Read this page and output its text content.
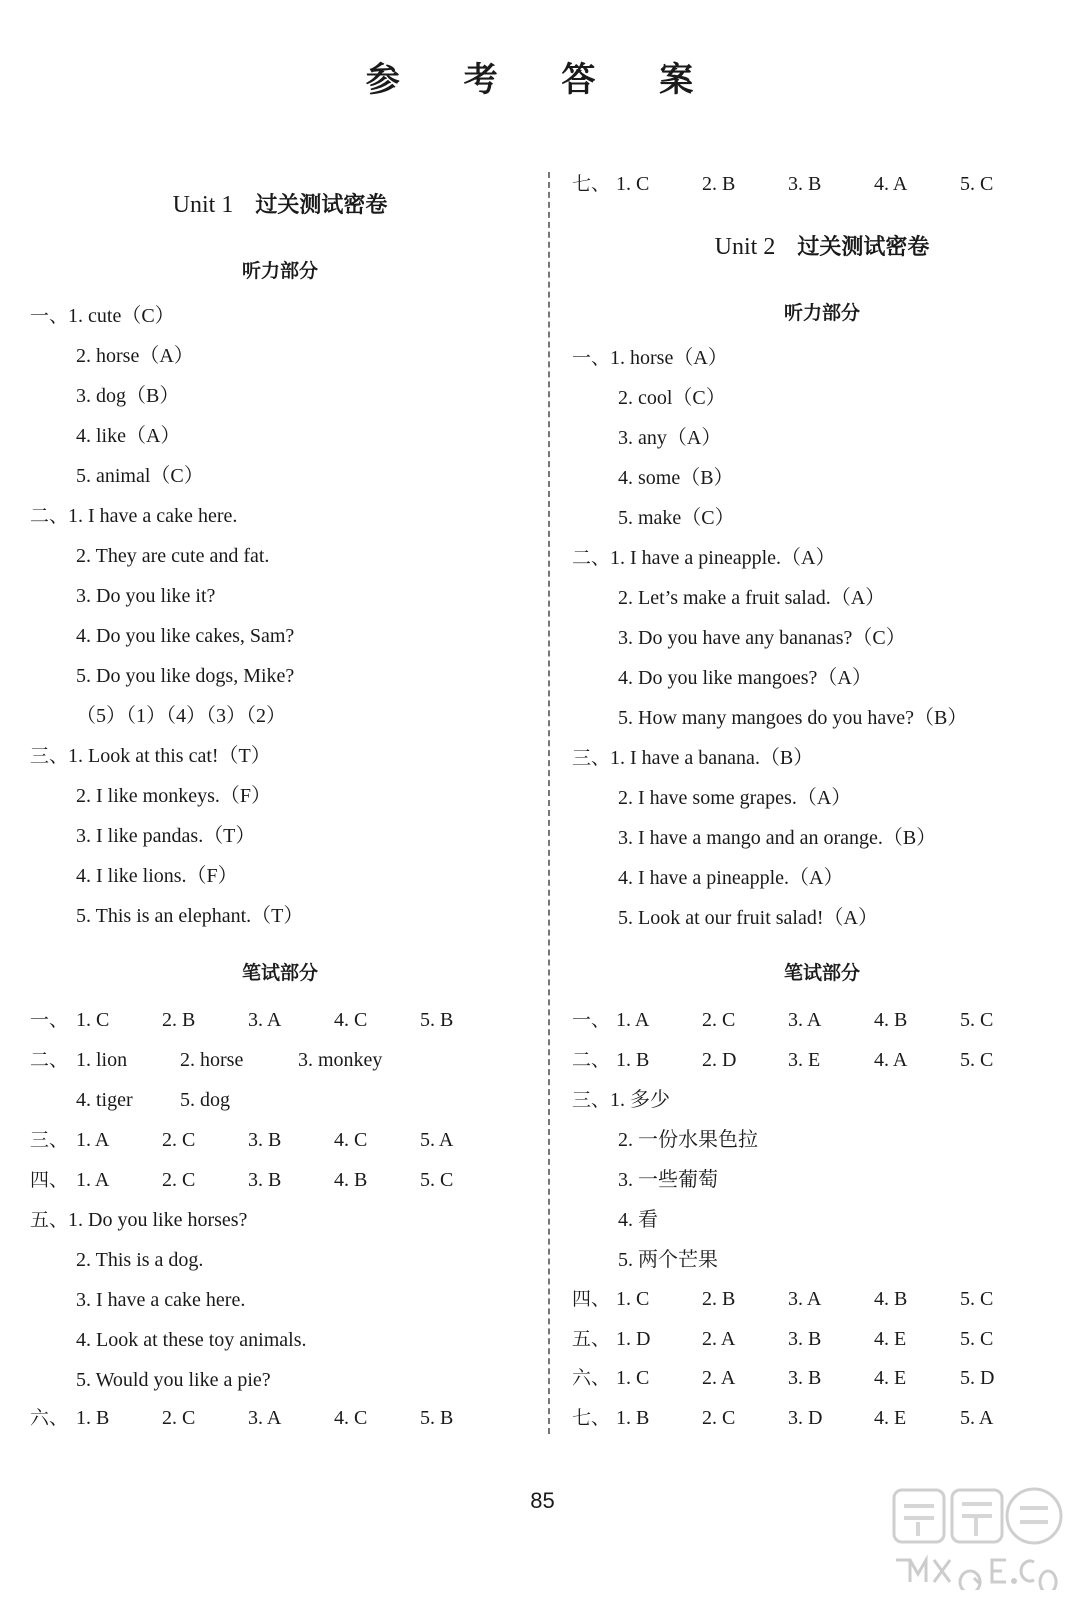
参 考 答 案
Unit 1 过关测试密卷
听力部分
一、1. cute（C）
2. horse（A）
3. dog（B）
4. like（A）
5. animal（C）
二、1. I have a cake here.
2. They are cute and fat.
3. Do you like it?
4. Do you like cakes, Sam?
5. Do you like dogs, Mike?
（5）（1）（4）（3）（2）
三、1. Look at this cat!（T）
2. I like monkeys.（F）
3. I like pandas.（T）
4. I like lions.（F）
5. This is an elephant.（T）
笔试部分
一、 1. C	2. B	3. A	4. C	5. B
二、 1. lion	2. horse	3. monkey
4. tiger 5. dog
三、 1. A	2. C	3. B	4. C	5. A
四、 1. A	2. C	3. B	4. B	5. C
五、1. Do you like horses?
2. This is a dog.
3. I have a cake here.
4. Look at these toy animals.
5. Would you like a pie?
六、 1. B	2. C	3. A	4. C	5. B
七、 1. C	2. B	3. B	4. A	5. C
Unit 2 过关测试密卷
听力部分
一、1. horse（A）
2. cool（C）
3. any（A）
4. some（B）
5. make（C）
二、1. I have a pineapple.（A）
2. Let’s make a fruit salad.（A）
3. Do you have any bananas?（C）
4. Do you like mangoes?（A）
5. How many mangoes do you have?（B）
三、1. I have a banana.（B）
2. I have some grapes.（A）
3. I have a mango and an orange.（B）
4. I have a pineapple.（A）
5. Look at our fruit salad!（A）
笔试部分
一、 1. A	2. C	3. A	4. B	5. C
二、 1. B	2. D	3. E	4. A	5. C
三、1. 多少
2. 一份水果色拉
3. 一些葡萄
4. 看
5. 两个芒果
四、 1. C	2. B	3. A	4. B	5. C
五、 1. D	2. A	3. B	4. E	5. C
六、 1. C	2. A	3. B	4. E	5. D
七、 1. B	2. C	3. D	4. E	5. A
85
